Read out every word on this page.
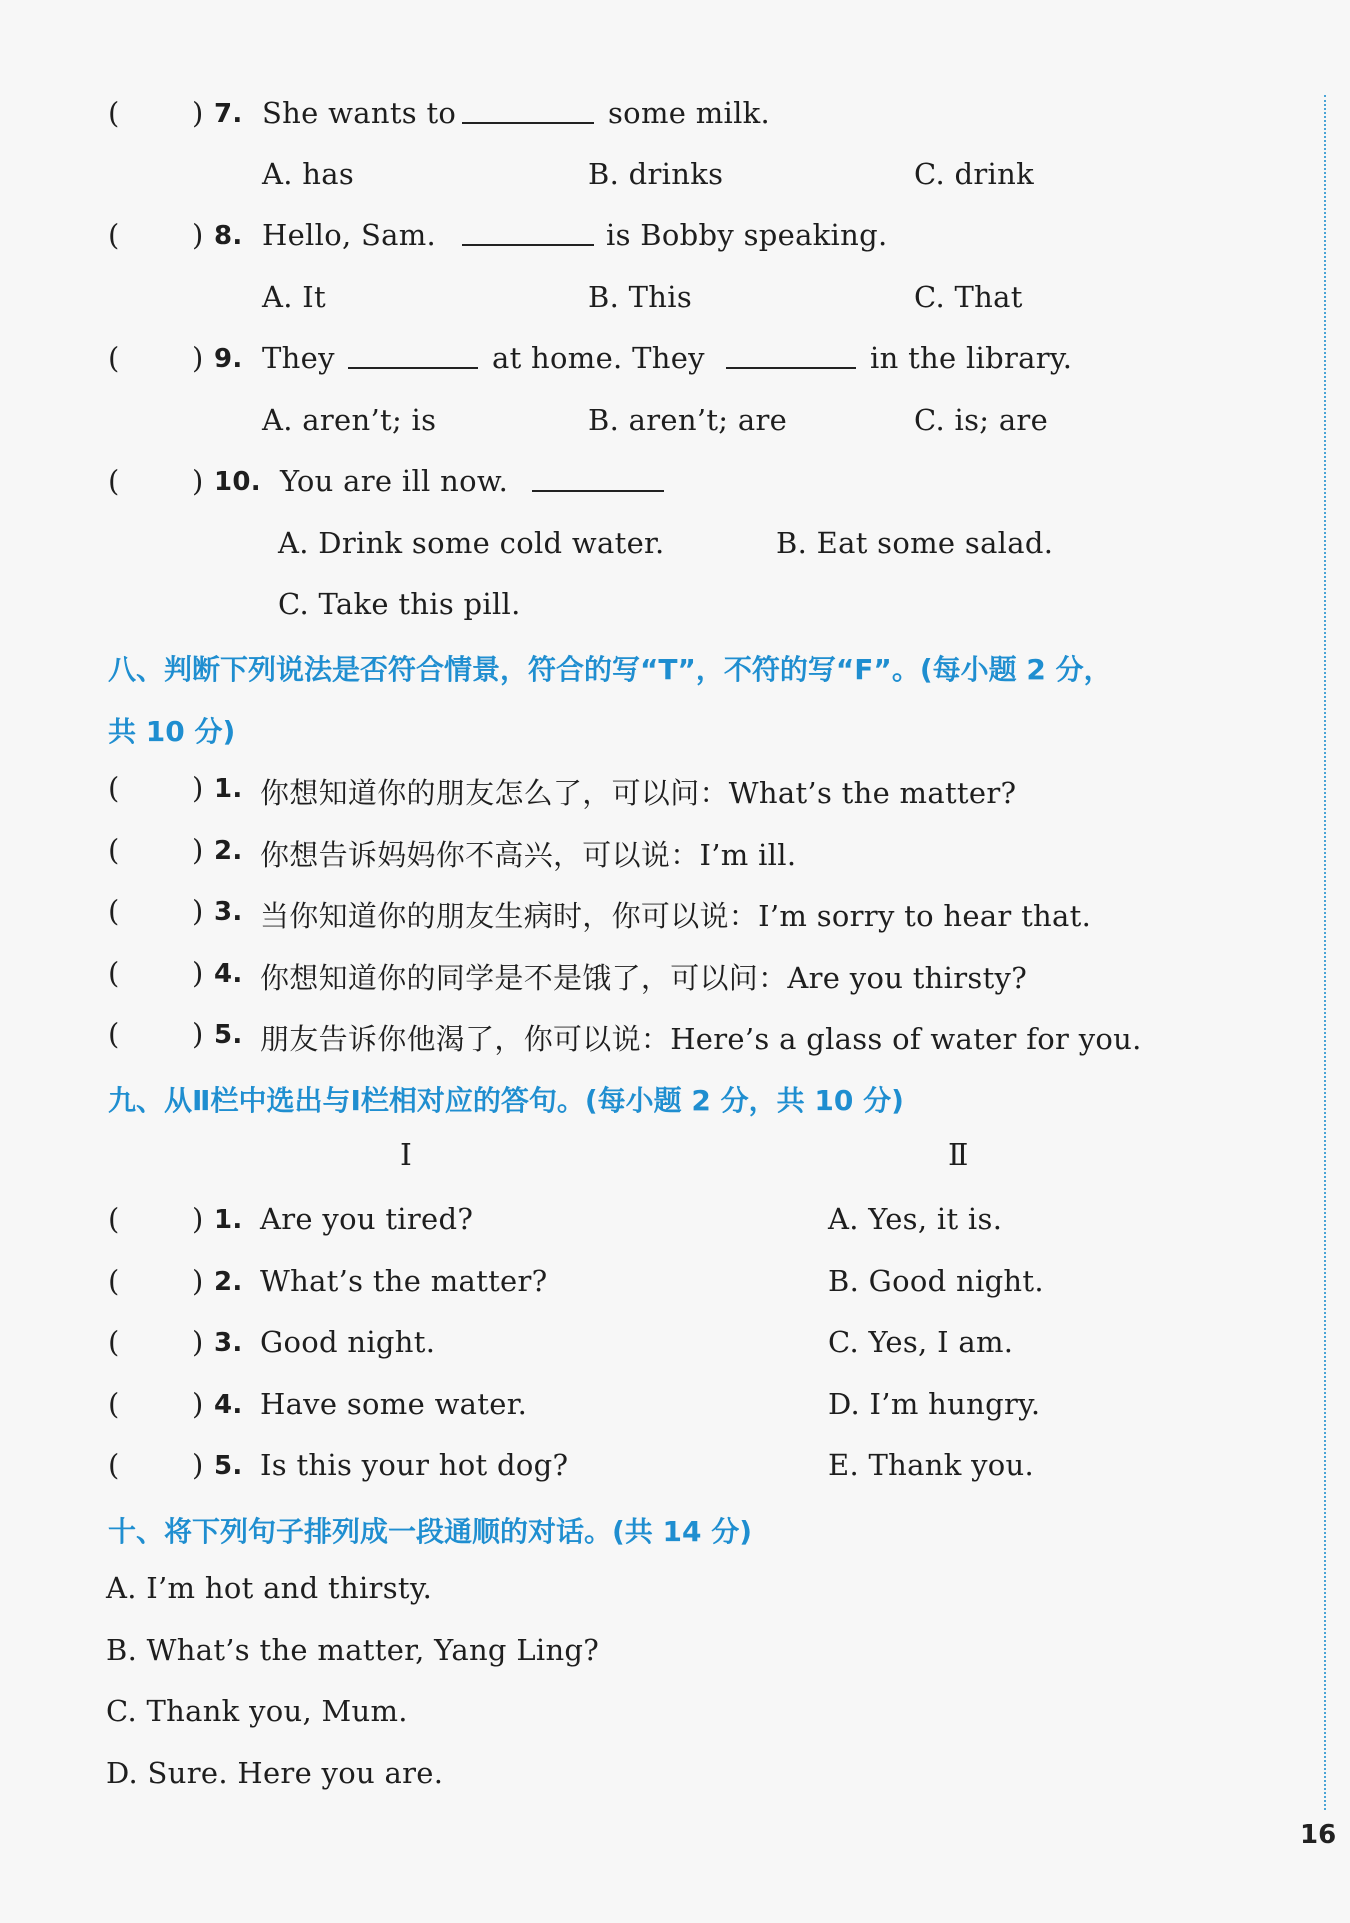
16
( ) 7. She wants to	some milk.
A. has	B. drinks	C. drink
( ) 8. Hello, Sam.	is Bobby speaking.
A. It	B. This	C. That
( ) 9. They	at home. They	in the library.
A. aren’t; is	B. aren’t; are	C. is; are
( ) 10. You are ill now.
A. Drink some cold water.	B. Eat some salad.
C. Take this pill.
八、判断下列说法是否符合情景，符合的写“T”，不符的写“F”。(每小题 2 分，
共 10 分)
( ) 1. 你想知道你的朋友怎么了，可以问：What’s the matter?
( ) 2. 你想告诉妈妈你不高兴，可以说：I’m ill.
( ) 3. 当你知道你的朋友生病时，你可以说：I’m sorry to hear that.
( ) 4. 你想知道你的同学是不是饿了，可以问：Are you thirsty?
( ) 5. 朋友告诉你他渴了，你可以说：Here’s a glass of water for you.
九、从Ⅱ栏中选出与Ⅰ栏相对应的答句。(每小题 2 分，共 10 分)
Ⅰ	Ⅱ
( ) 1. Are you tired?	A. Yes, it is.
( ) 2. What’s the matter?	B. Good night.
( ) 3. Good night.	C. Yes, I am.
( ) 4. Have some water.	D. I’m hungry.
( ) 5. Is this your hot dog?	E. Thank you.
十、将下列句子排列成一段通顺的对话。(共 14 分)
A. I’m hot and thirsty.
B. What’s the matter, Yang Ling?
C. Thank you, Mum.
D. Sure. Here you are.
